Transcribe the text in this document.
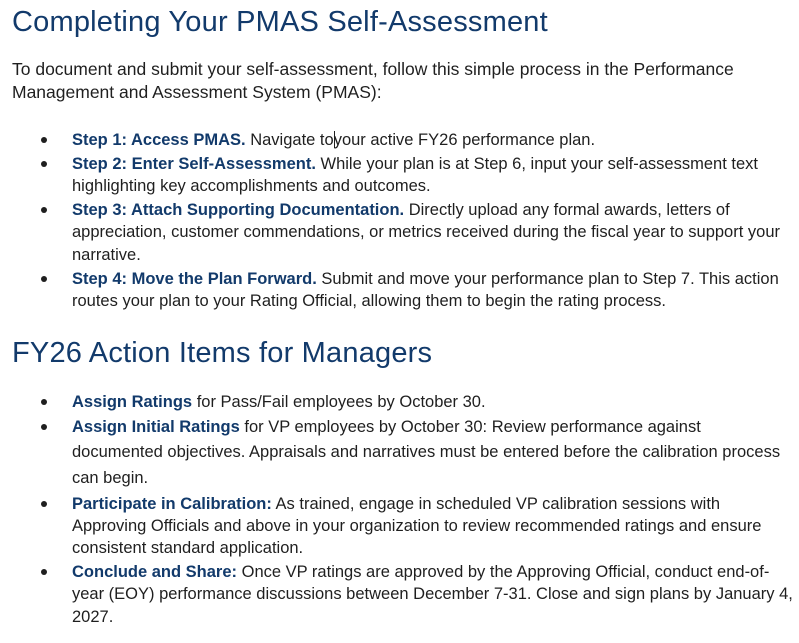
Completing Your PMAS Self-Assessment

To document and submit your self-assessment, follow this simple process in the Performance Management and Assessment System (PMAS):

Step 1: Access PMAS. Navigate toyour active FY26 performance plan.
Step 2: Enter Self-Assessment. While your plan is at Step 6, input your self-assessment text highlighting key accomplishments and outcomes.
Step 3: Attach Supporting Documentation. Directly upload any formal awards, letters of appreciation, customer commendations, or metrics received during the fiscal year to support your narrative.
Step 4: Move the Plan Forward. Submit and move your performance plan to Step 7. This action routes your plan to your Rating Official, allowing them to begin the rating process.
FY26 Action Items for Managers
Assign Ratings for Pass/Fail employees by October 30.
Assign Initial Ratings for VP employees by October 30: Review performance against documented objectives. Appraisals and narratives must be entered before the calibration process can begin.
Participate in Calibration: As trained, engage in scheduled VP calibration sessions with Approving Officials and above in your organization to review recommended ratings and ensure consistent standard application.
Conclude and Share: Once VP ratings are approved by the Approving Official, conduct end-of-year (EOY) performance discussions between December 7-31. Close and sign plans by January 4, 2027.
